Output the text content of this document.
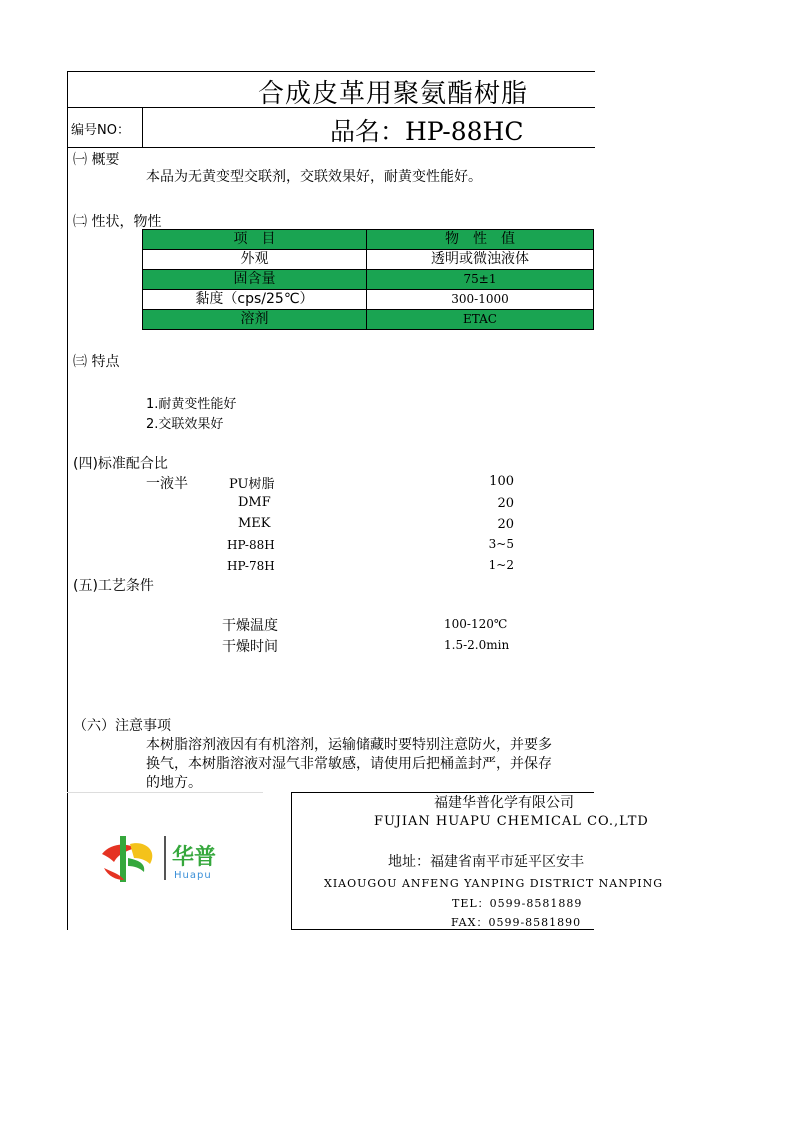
合成皮革用聚氨酯树脂
编号NO：	品名：HP-88HC
㈠ 概要
本品为无黄变型交联剂，交联效果好，耐黄变性能好。
㈡ 性状，物性
项　目	物　性　值
外观	透明或微浊液体
固含量	75±1
黏度（cps/25℃）	300-1000
溶剂	ETAC
㈢ 特点
1.耐黄变性能好
2.交联效果好
(四)标准配合比
一液半	PU树脂	100
DMF	20
MEK	20
HP-88H	3~5
HP-78H	1~2
(五)工艺条件
干燥温度	100-120℃
干燥时间	1.5-2.0min
（六）注意事项
本树脂溶剂液因有有机溶剂，运输储藏时要特别注意防火，并要多
换气，本树脂溶液对湿气非常敏感，请使用后把桶盖封严，并保存
的地方。
华普
Huapu
福建华普化学有限公司
FUJIAN HUAPU CHEMICAL CO.,LTD
地址：福建省南平市延平区安丰
XIAOUGOU ANFENG YANPING DISTRICT NANPING
TEL：0599-8581889
FAX：0599-8581890
